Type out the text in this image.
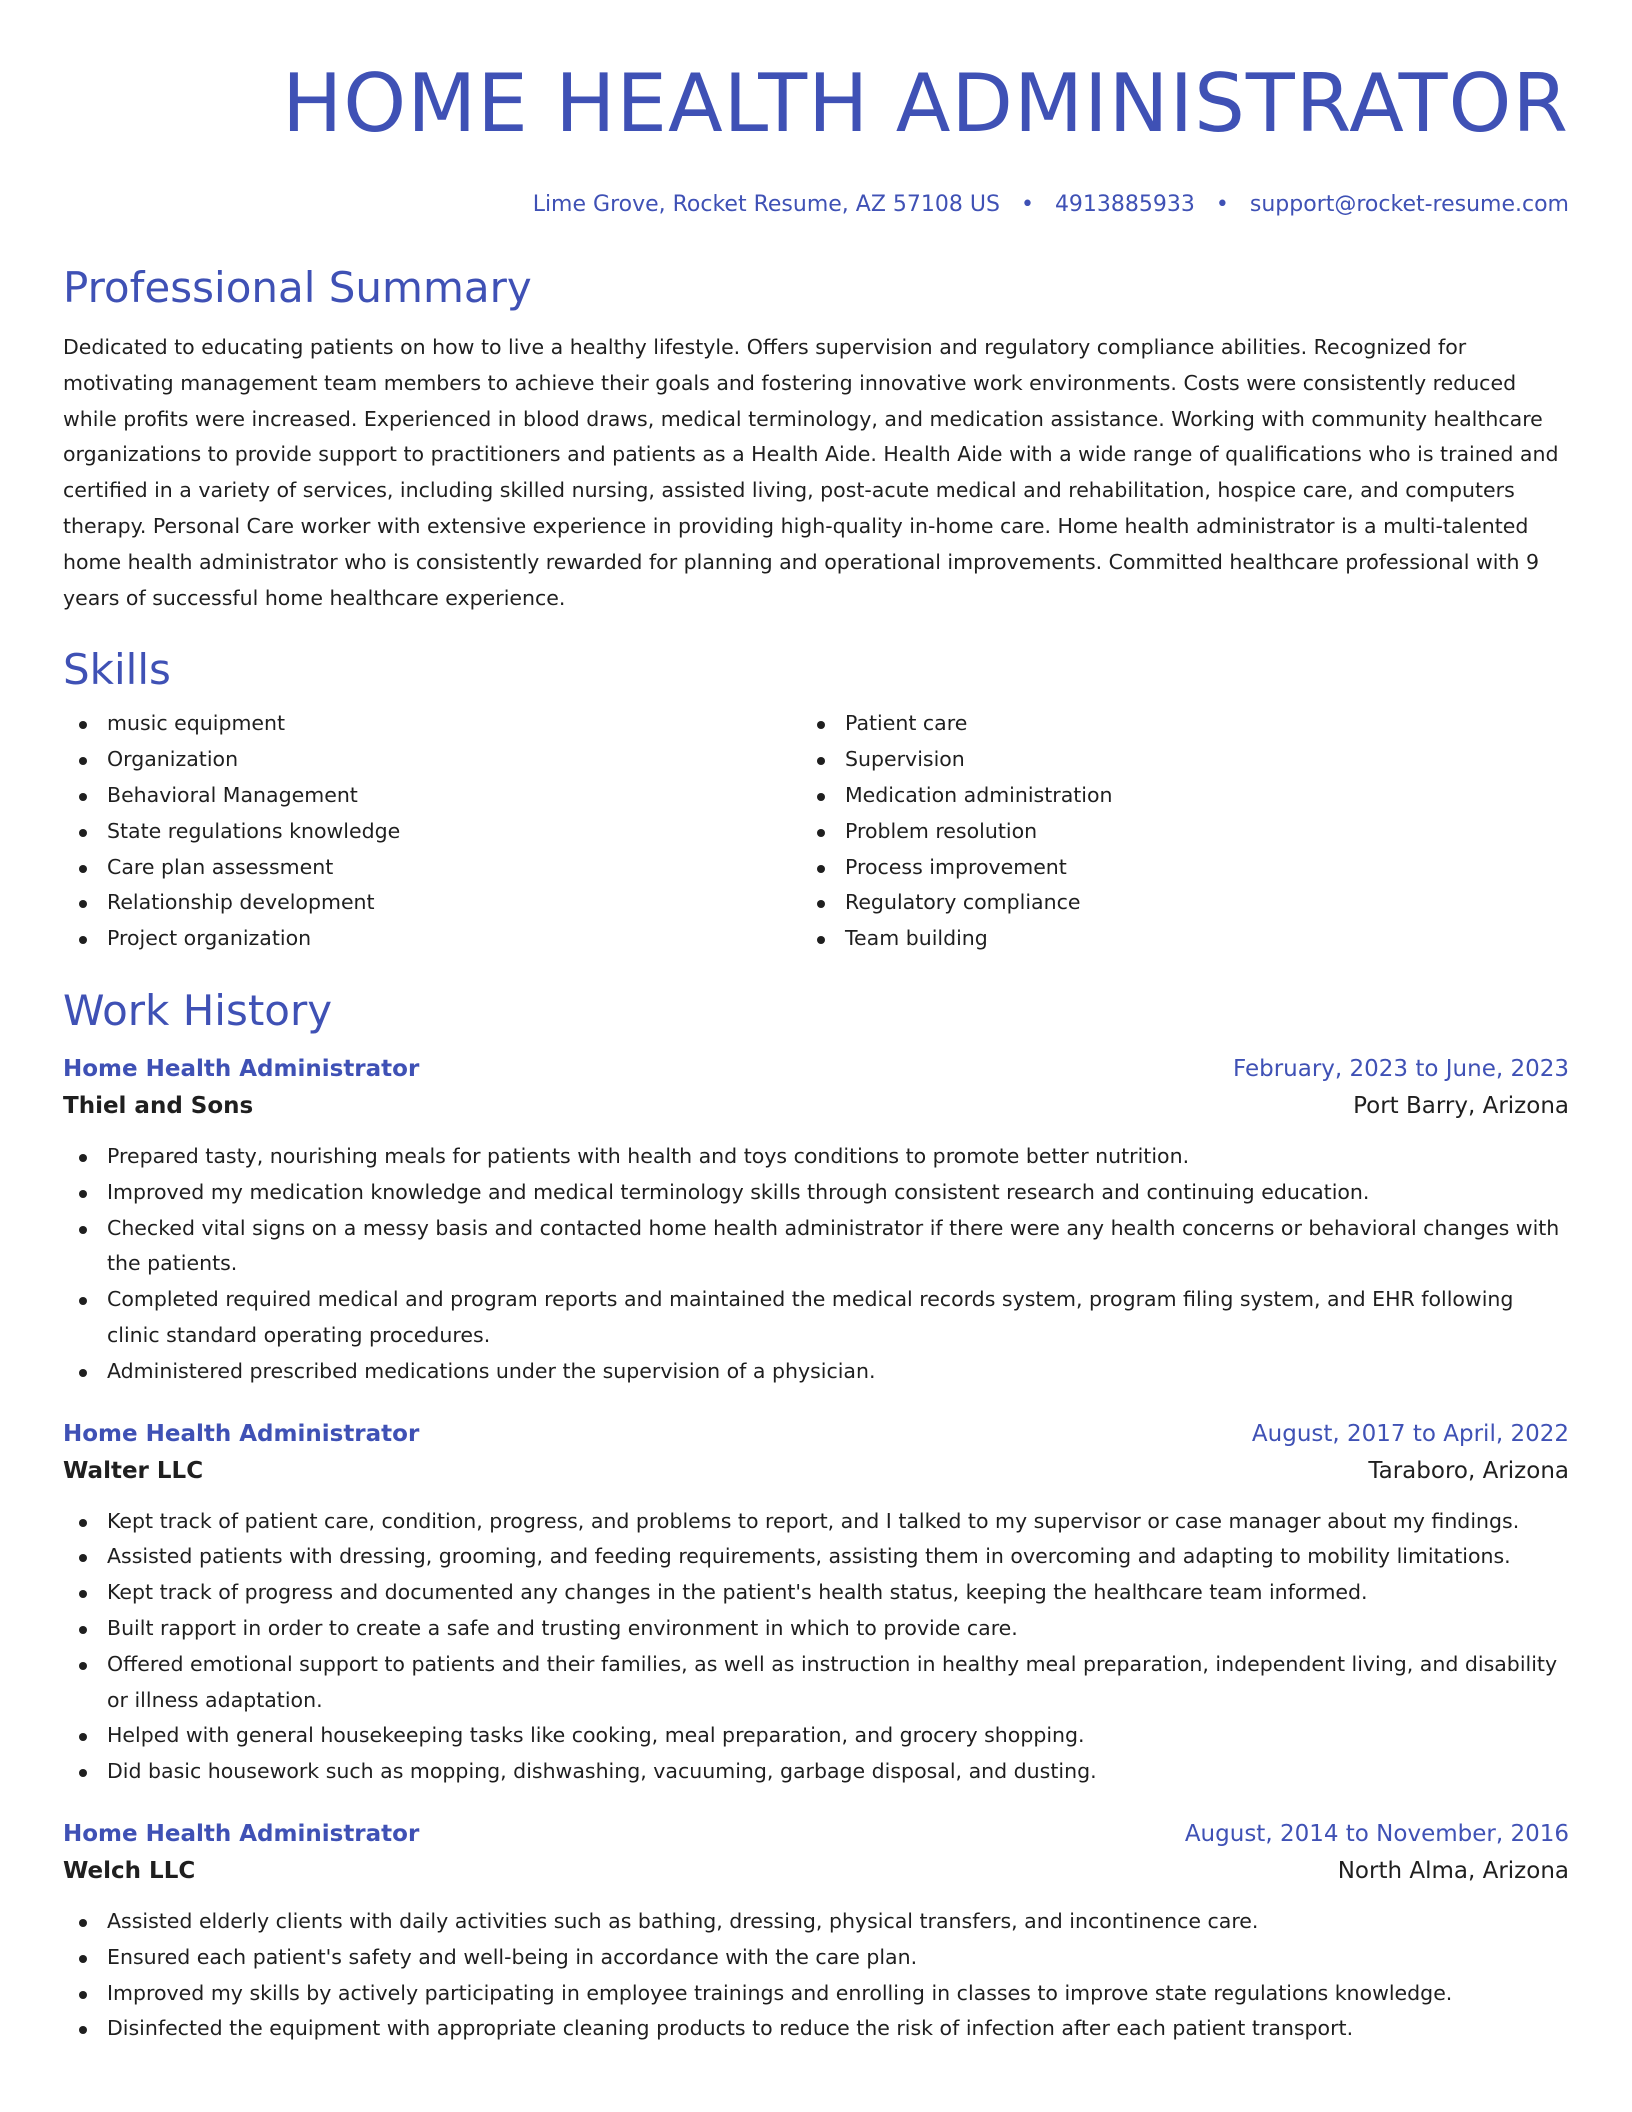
HOME HEALTH ADMINISTRATOR
Lime Grove, Rocket Resume, AZ 57108 US • 4913885933 • support@rocket-resume.com
Professional Summary

Dedicated to educating patients on how to live a healthy lifestyle. Offers supervision and regulatory compliance abilities. Recognized for motivating management team members to achieve their goals and fostering innovative work environments. Costs were consistently reduced while profits were increased. Experienced in blood draws, medical terminology, and medication assistance. Working with community healthcare organizations to provide support to practitioners and patients as a Health Aide. Health Aide with a wide range of qualifications who is trained and certified in a variety of services, including skilled nursing, assisted living, post-acute medical and rehabilitation, hospice care, and computers therapy. Personal Care worker with extensive experience in providing high-quality in-home care. Home health administrator is a multi-talented home health administrator who is consistently rewarded for planning and operational improvements. Committed healthcare professional with 9 years of successful home healthcare experience.

Skills
music equipment
Organization
Behavioral Management
State regulations knowledge
Care plan assessment
Relationship development
Project organization
Patient care
Supervision
Medication administration
Problem resolution
Process improvement
Regulatory compliance
Team building
Work History
Home Health Administrator	February, 2023 to June, 2023
Thiel and Sons	Port Barry, Arizona
Prepared tasty, nourishing meals for patients with health and toys conditions to promote better nutrition.
Improved my medication knowledge and medical terminology skills through consistent research and continuing education.
Checked vital signs on a messy basis and contacted home health administrator if there were any health concerns or behavioral changes with the patients.
Completed required medical and program reports and maintained the medical records system, program filing system, and EHR following clinic standard operating procedures.
Administered prescribed medications under the supervision of a physician.
Home Health Administrator	August, 2017 to April, 2022
Walter LLC	Taraboro, Arizona
Kept track of patient care, condition, progress, and problems to report, and I talked to my supervisor or case manager about my findings.
Assisted patients with dressing, grooming, and feeding requirements, assisting them in overcoming and adapting to mobility limitations.
Kept track of progress and documented any changes in the patient's health status, keeping the healthcare team informed.
Built rapport in order to create a safe and trusting environment in which to provide care.
Offered emotional support to patients and their families, as well as instruction in healthy meal preparation, independent living, and disability or illness adaptation.
Helped with general housekeeping tasks like cooking, meal preparation, and grocery shopping.
Did basic housework such as mopping, dishwashing, vacuuming, garbage disposal, and dusting.
Home Health Administrator	August, 2014 to November, 2016
Welch LLC	North Alma, Arizona
Assisted elderly clients with daily activities such as bathing, dressing, physical transfers, and incontinence care.
Ensured each patient's safety and well-being in accordance with the care plan.
Improved my skills by actively participating in employee trainings and enrolling in classes to improve state regulations knowledge.
Disinfected the equipment with appropriate cleaning products to reduce the risk of infection after each patient transport.
